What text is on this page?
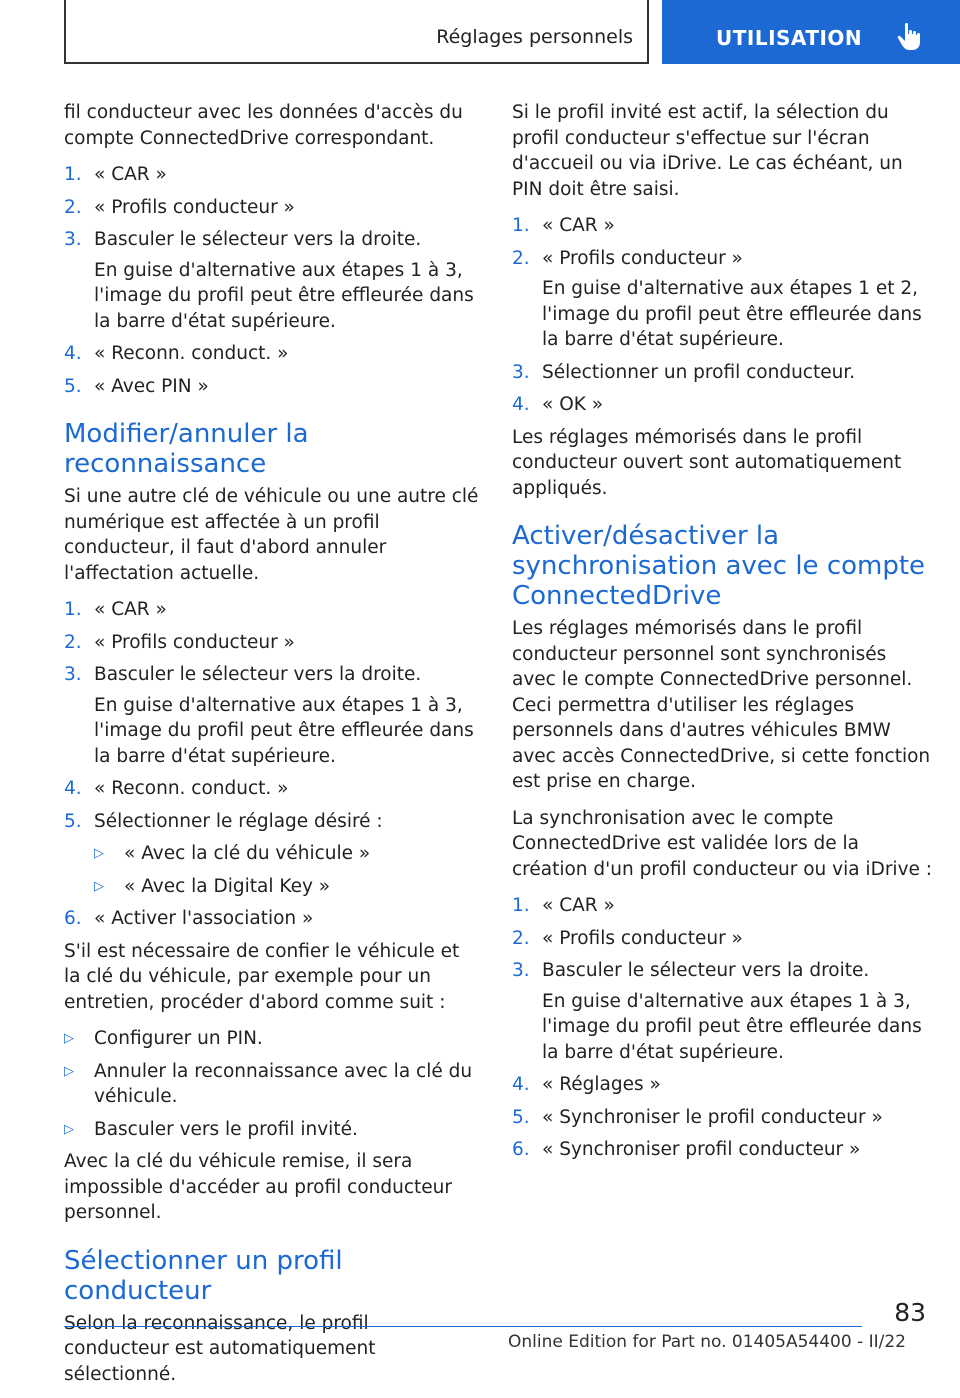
Réglages personnels	UTILISATION

fil conducteur avec les données d'accès du compte ConnectedDrive correspondant.

1. « CAR »
2. « Profils conducteur »
3. Basculer le sélecteur vers la droite.
En guise d'alternative aux étapes 1 à 3, l'image du profil peut être effleurée dans la barre d'état supérieure.
4. « Reconn. conduct. »
5. « Avec PIN »
Modifier/annuler la reconnaissance

Si une autre clé de véhicule ou une autre clé numérique est affectée à un profil conducteur, il faut d'abord annuler l'affectation actuelle.

1. « CAR »
2. « Profils conducteur »
3. Basculer le sélecteur vers la droite.
En guise d'alternative aux étapes 1 à 3, l'image du profil peut être effleurée dans la barre d'état supérieure.
4. « Reconn. conduct. »
5. Sélectionner le réglage désiré :
▷	« Avec la clé du véhicule »
▷	« Avec la Digital Key »
6. « Activer l'association »

S'il est nécessaire de confier le véhicule et la clé du véhicule, par exemple pour un entretien, procéder d'abord comme suit :

▷	Configurer un PIN.
▷	Annuler la reconnaissance avec la clé du véhicule.
▷	Basculer vers le profil invité.

Avec la clé du véhicule remise, il sera impossible d'accéder au profil conducteur personnel.

Sélectionner un profil conducteur

Selon la reconnaissance, le profil conducteur est automatiquement sélectionné.

Si le profil invité est actif, la sélection du profil conducteur s'effectue sur l'écran d'accueil ou via iDrive. Le cas échéant, un PIN doit être saisi.

1. « CAR »
2. « Profils conducteur »
En guise d'alternative aux étapes 1 et 2, l'image du profil peut être effleurée dans la barre d'état supérieure.
3. Sélectionner un profil conducteur.
4. « OK »

Les réglages mémorisés dans le profil conducteur ouvert sont automatiquement appliqués.

Activer/désactiver la synchronisation avec le compte ConnectedDrive

Les réglages mémorisés dans le profil conducteur personnel sont synchronisés avec le compte ConnectedDrive personnel. Ceci permettra d'utiliser les réglages personnels dans d'autres véhicules BMW avec accès ConnectedDrive, si cette fonction est prise en charge.

La synchronisation avec le compte ConnectedDrive est validée lors de la création d'un profil conducteur ou via iDrive :

1. « CAR »
2. « Profils conducteur »
3. Basculer le sélecteur vers la droite.
En guise d'alternative aux étapes 1 à 3, l'image du profil peut être effleurée dans la barre d'état supérieure.
4. « Réglages »
5. « Synchroniser le profil conducteur »
6. « Synchroniser profil conducteur »
83
Online Edition for Part no. 01405A54400 - II/22
